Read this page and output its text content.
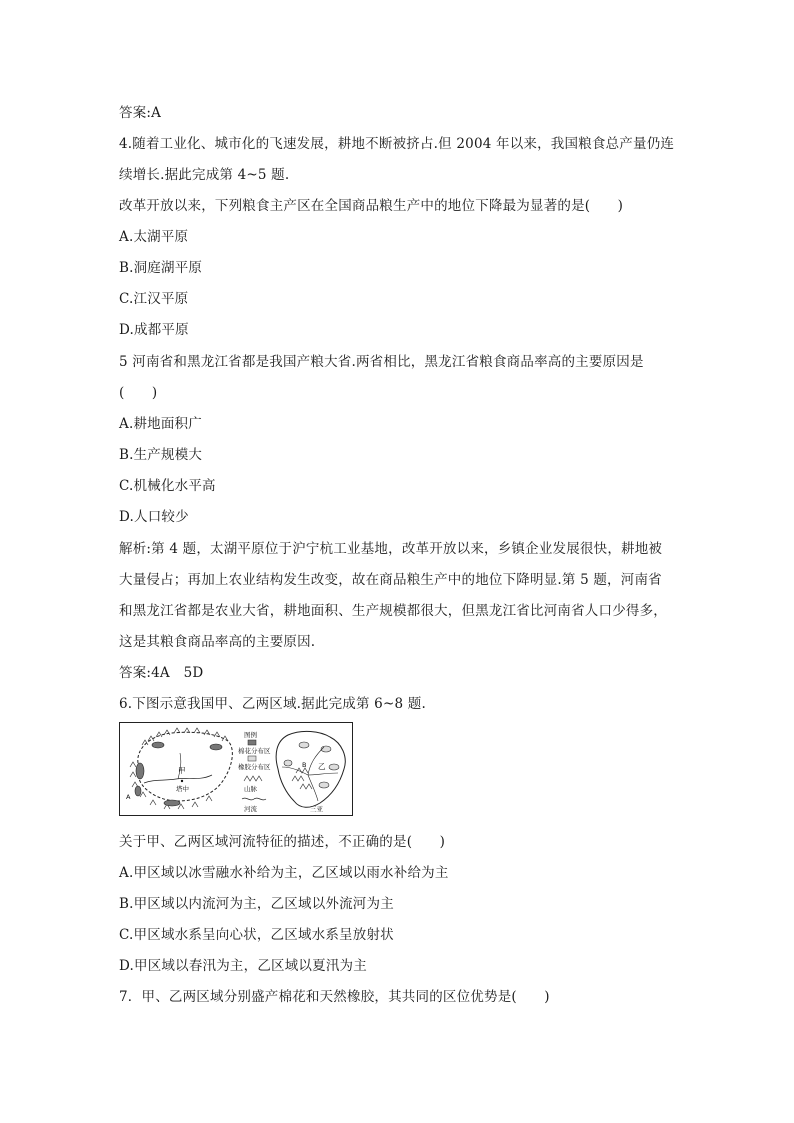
答案:A
4.随着工业化、城市化的飞速发展，耕地不断被挤占.但 2004 年以来，我国粮食总产量仍连
续增长.据此完成第 4~5 题.
改革开放以来，下列粮食主产区在全国商品粮生产中的地位下降最为显著的是(　　)
A.太湖平原
B.洞庭湖平原
C.江汉平原
D.成都平原
5 河南省和黑龙江省都是我国产粮大省.两省相比，黑龙江省粮食商品率高的主要原因是
(　　)
A.耕地面积广
B.生产规模大
C.机械化水平高
D.人口较少
解析:第 4 题，太湖平原位于沪宁杭工业基地，改革开放以来，乡镇企业发展很快，耕地被
大量侵占；再加上农业结构发生改变，故在商品粮生产中的地位下降明显.第 5 题，河南省
和黑龙江省都是农业大省，耕地面积、生产规模都很大，但黑龙江省比河南省人口少得多，
这是其粮食商品率高的主要原因.
答案:4A　5D
6.下图示意我国甲、乙两区域.据此完成第 6~8 题.
甲
塔中
A
图例
棉花分布区
橡胶分布区
山脉
河流
乙
B
三亚
关于甲、乙两区域河流特征的描述，不正确的是(　　)
A.甲区域以冰雪融水补给为主，乙区域以雨水补给为主
B.甲区域以内流河为主，乙区域以外流河为主
C.甲区域水系呈向心状，乙区域水系呈放射状
D.甲区域以春汛为主，乙区域以夏汛为主
7．甲、乙两区域分别盛产棉花和天然橡胶，其共同的区位优势是(　　)
